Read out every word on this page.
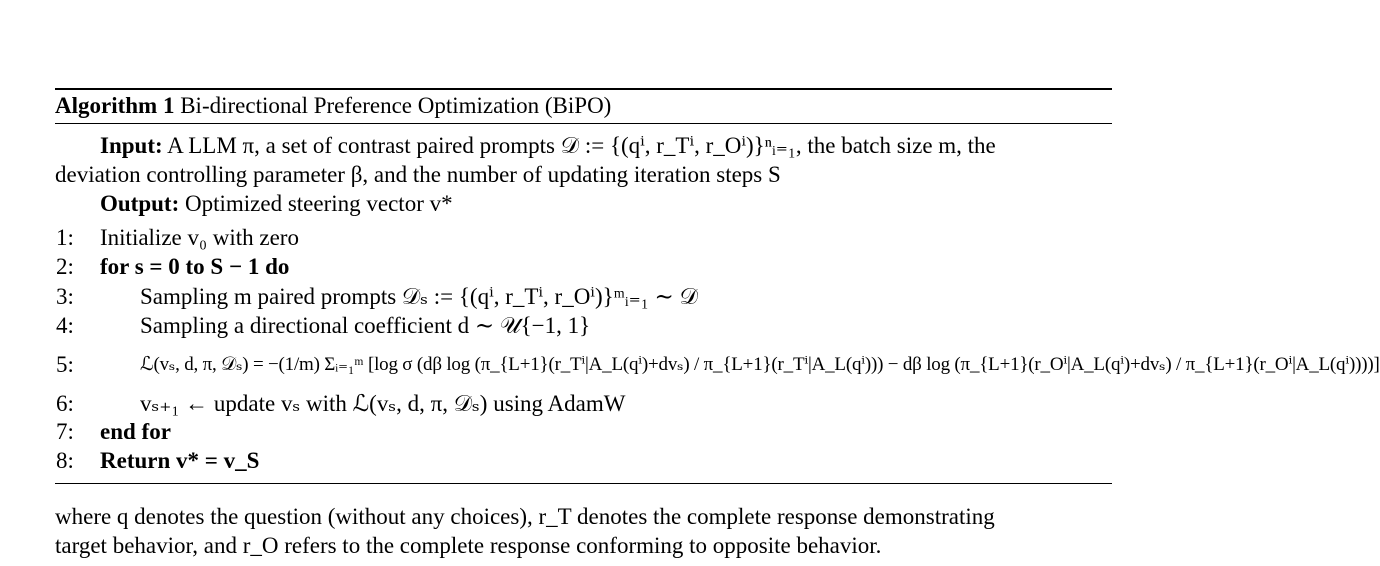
Algorithm 1 Bi-directional Preference Optimization (BiPO)
Input: A LLM π, a set of contrast paired prompts 𝒟 := {(qⁱ, r_Tⁱ, r_Oⁱ)}ⁿᵢ₌₁, the batch size m, the
deviation controlling parameter β, and the number of updating iteration steps S
Output: Optimized steering vector v*
1:	Initialize v₀ with zero
2:	for s = 0 to S − 1 do
3:	Sampling m paired prompts 𝒟ₛ := {(qⁱ, r_Tⁱ, r_Oⁱ)}ᵐᵢ₌₁ ∼ 𝒟
4:	Sampling a directional coefficient d ∼ 𝒰{−1, 1}
5:	ℒ(vₛ, d, π, 𝒟ₛ) = −(1/m) Σᵢ₌₁ᵐ [log σ (dβ log (π_{L+1}(r_Tⁱ|A_L(qⁱ)+dvₛ) / π_{L+1}(r_Tⁱ|A_L(qⁱ))) − dβ log (π_{L+1}(r_Oⁱ|A_L(qⁱ)+dvₛ) / π_{L+1}(r_Oⁱ|A_L(qⁱ))))]
6:	vₛ₊₁ ← update vₛ with ℒ(vₛ, d, π, 𝒟ₛ) using AdamW
7:	end for
8:	Return v* = v_S
where q denotes the question (without any choices), r_T denotes the complete response demonstrating
target behavior, and r_O refers to the complete response conforming to opposite behavior.
